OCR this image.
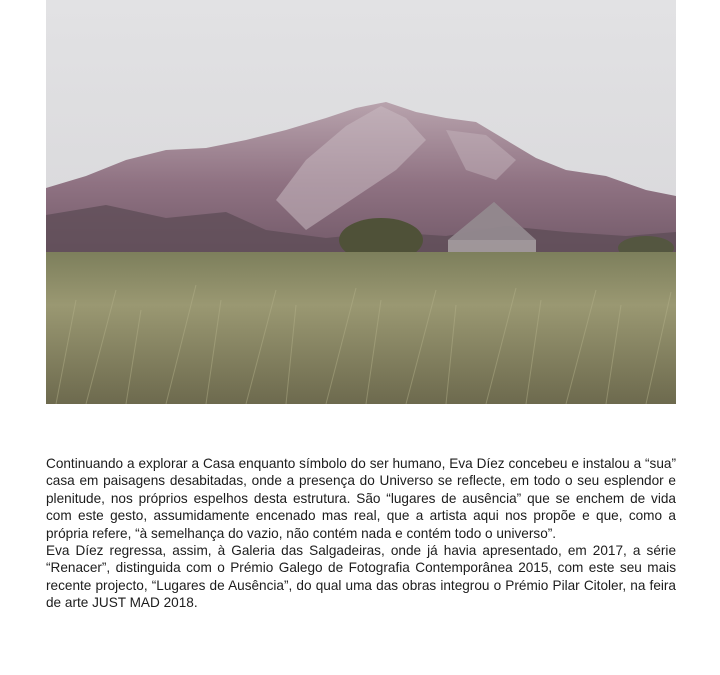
Continuando a explorar a Casa enquanto símbolo do ser humano, Eva Díez concebeu e instalou a “sua” casa em paisagens desabitadas, onde a presença do Universo se reflecte, em todo o seu esplendor e plenitude, nos próprios espelhos desta estrutura. São “lugares de ausência” que se enchem de vida com este gesto, assumidamente encenado mas real, que a artista aqui nos propõe e que, como a própria refere, “à semelhança do vazio, não contém nada e contém todo o universo”.

Eva Díez regressa, assim, à Galeria das Salgadeiras, onde já havia apresentado, em 2017, a série “Renacer”, distinguida com o Prémio Galego de Fotografia Contemporânea 2015, com este seu mais recente projecto, “Lugares de Ausência”, do qual uma das obras integrou o Prémio Pilar Citoler, na feira de arte JUST MAD 2018.
